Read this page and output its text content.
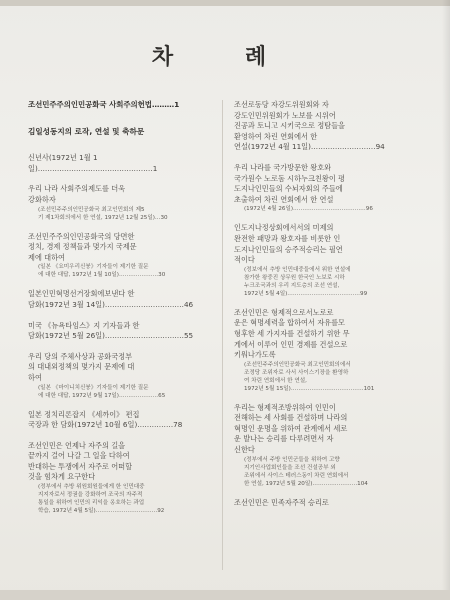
차 례

조선민주주의인민공화국 사회주의헌법………1

김일성동지의 로작, 연설 및 축하문

신년사(1972년 1월 1일)…………………………………………1

우리 나라 사회주의제도를 더욱

강화하자

(조선민주주의인민공화국 최고인민회의 제5

기 제1차회의에서 한 연설, 1972년 12월 25일)…30

조선민주주의인민공화국의 당면한

정치, 경제 정책들과 몇가지 국제문

제에 대하여

(일본 《요미우리신붕》기자들이 제기한 질문

에 대한 대답, 1972년 1월 10일)…………………30

일본인민혁명선거장회에보낸다 한

담화(1972년 3월 14일)……………………………46

미국 《뉴욕타임스》지 기자들과 한

담화(1972년 5월 26일)……………………………55

우리 당의 주체사상과 공화국정부

의 대내외정책의 몇가지 문제에 대

하여

(일본 《마이니치신붕》기자들이 제기한 질문

에 대한 대답, 1972년 9월 17일)…………………65

일본 정치리론잡지 《세까이》 편집

국장과 한 담화(1972년 10월 6일)……………78

조선인민은 언제나 자주의 길을

끝까지 걸어 나갈 그 일을 다하여

반대하는 투쟁에서 자주로 어떠할

것을 힘차게 요구한다

(정부에서 추방 위원회원들에게 한 인민대중

지지자로서 정권을 강화하여 조국의 자주적

통일을 위하여 인민의 리익을 옹호하는 과업

학습, 1972년 4월 5일)……………………………92

조선로동당 자강도위원회와 자

강도인민위원회가 노보를 시위어

진공과 토니고 시키국으로 정탐들을

환영하여 차린 연회에서 한

연설(1972년 4월 11일)………………………94

우리 나라를 국가방문한 왕호와

국가원수 노로돔 시하누크친왕이 평

도지나인민들의 수뇌자회의 주들에

초출하여 차린 연회에서 한 연설

(1972년 4월 26일)…………………………………96

인도지나정상회에서서의 미제의

완전한 패망과 왕호자를 비롯한 인

도지나인민들의 승주적승리는 필연

적이다

(정보에서 추방 인민대중들에서 위한 연설에

참가한 왕중진 상무원 한국인 노보로 시하

누크조국과의 우리 지도층의 조선 연설,

1972년 5월 4일)…………………………………99

조선인민은 형제적으로서노로로

운은 혁명세력을 합하여서 자유를모

형후한 세 가지자를 건설하기 위한 무

게에서 이루어 인민 경제를 건설으로

키워나가도록

(조선민주주의인민공화국 최고인민회의에서

조정당 조위자로 사서 사이스기장을 환영하

여 차린 연회에서 한 연설,

1972년 5월 15일)…………………………………101

우리는 형제적조방위하여 인민이

전해하는 세 사회를 건설하며 나라의

혁명인 운명을 위하여 관계에서 세로

운 발나는 승리를 다루려면서 자

신한다

(정부에서 주방 인민군들을 위하여 고향

지기인사업회인들을 조선 건설공부 외

조위에서 사이스 테러스동이 차린 연회에서

한 연설, 1972년 5월 20일)……………………104

조선인민은 민족자주적 승리로
